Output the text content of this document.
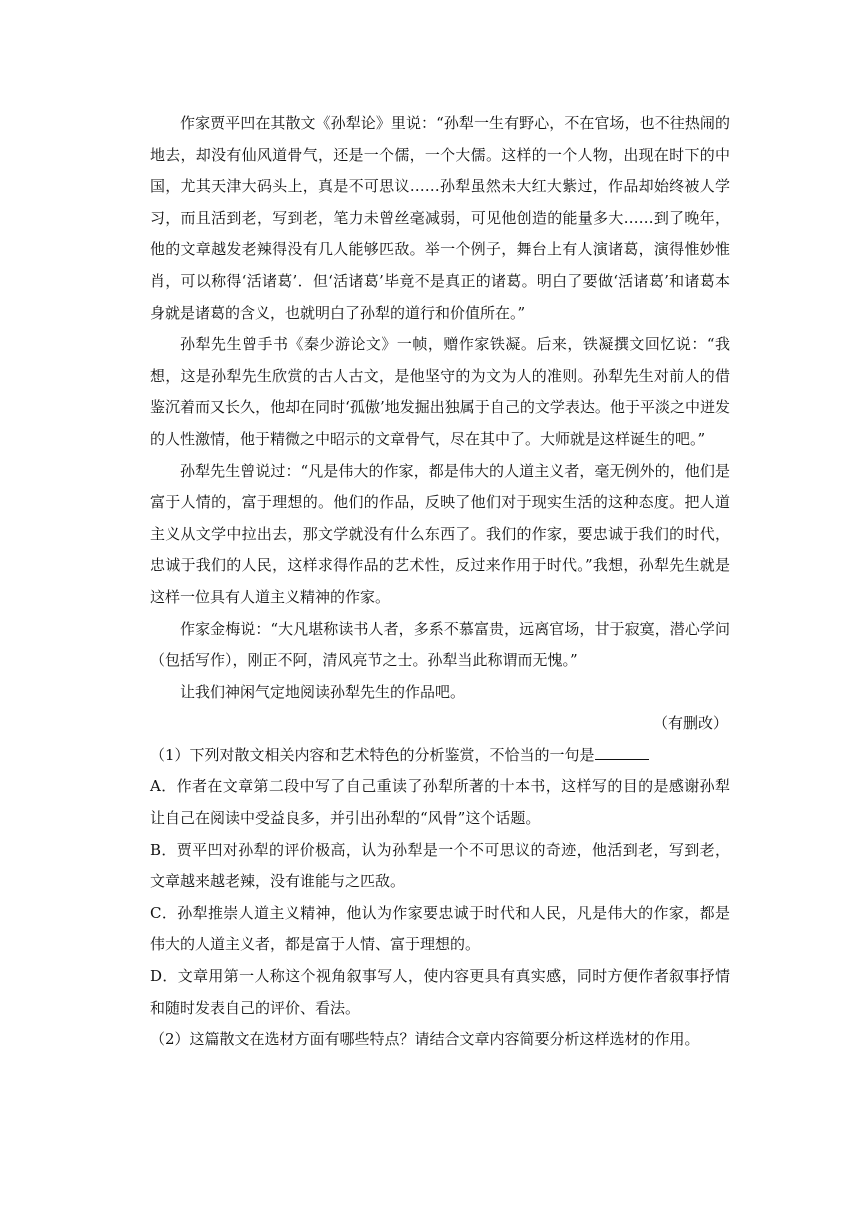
作家贾平凹在其散文《孙犁论》里说：“孙犁一生有野心，不在官场，也不往热闹的地去，却没有仙风道骨气，还是一个儒，一个大儒。这样的一个人物，出现在时下的中国，尤其天津大码头上，真是不可思议……孙犁虽然未大红大紫过，作品却始终被人学习，而且活到老，写到老，笔力未曾丝毫减弱，可见他创造的能量多大……到了晚年，他的文章越发老辣得没有几人能够匹敌。举一个例子，舞台上有人演诸葛，演得惟妙惟肖，可以称得‘活诸葛’．但‘活诸葛’毕竟不是真正的诸葛。明白了要做‘活诸葛’和诸葛本身就是诸葛的含义，也就明白了孙犁的道行和价值所在。”

孙犁先生曾手书《秦少游论文》一帧，赠作家铁凝。后来，铁凝撰文回忆说：“我想，这是孙犁先生欣赏的古人古文，是他坚守的为文为人的准则。孙犁先生对前人的借鉴沉着而又长久，他却在同时‘孤傲’地发掘出独属于自己的文学表达。他于平淡之中迸发的人性激情，他于精微之中昭示的文章骨气，尽在其中了。大师就是这样诞生的吧。”

孙犁先生曾说过：“凡是伟大的作家，都是伟大的人道主义者，毫无例外的，他们是富于人情的，富于理想的。他们的作品，反映了他们对于现实生活的这种态度。把人道主义从文学中拉出去，那文学就没有什么东西了。我们的作家，要忠诚于我们的时代，忠诚于我们的人民，这样求得作品的艺术性，反过来作用于时代。”我想，孙犁先生就是这样一位具有人道主义精神的作家。

作家金梅说：“大凡堪称读书人者，多系不慕富贵，远离官场，甘于寂寞，潜心学问（包括写作），刚正不阿，清风亮节之士。孙犁当此称谓而无愧。”

让我们神闲气定地阅读孙犁先生的作品吧。

（有删改）

（1）下列对散文相关内容和艺术特色的分析鉴赏，不恰当的一句是

A．作者在文章第二段中写了自己重读了孙犁所著的十本书，这样写的目的是感谢孙犁让自己在阅读中受益良多，并引出孙犁的“风骨”这个话题。

B．贾平凹对孙犁的评价极高，认为孙犁是一个不可思议的奇迹，他活到老，写到老，文章越来越老辣，没有谁能与之匹敌。

C．孙犁推崇人道主义精神，他认为作家要忠诚于时代和人民，凡是伟大的作家，都是伟大的人道主义者，都是富于人情、富于理想的。

D．文章用第一人称这个视角叙事写人，使内容更具有真实感，同时方便作者叙事抒情和随时发表自己的评价、看法。

（2）这篇散文在选材方面有哪些特点？请结合文章内容简要分析这样选材的作用。
